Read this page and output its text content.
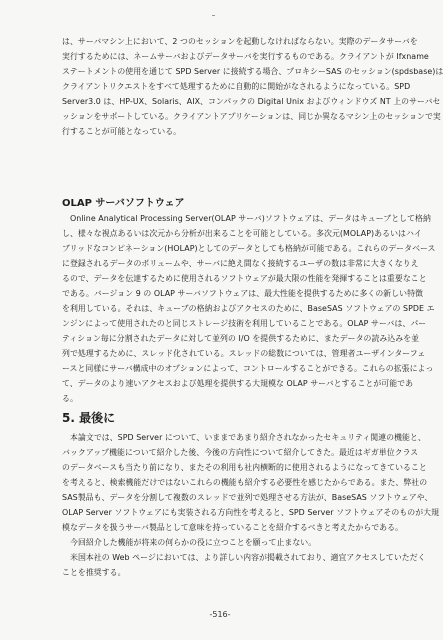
は、サーバマシン上において、2 つのセッションを起動しなければならない。実際のデータサーバを
実行するためには、ネームサーバおよびデータサーバを実行するものである。クライアントが Ifxname
ステートメントの使用を通じて SPD Server に接続する場合、プロキシーSAS のセッション(spdsbase)は
クライアントリクエストをすべて処理するために自動的に開始がなされるようになっている。SPD
Server3.0 は、HP-UX、Solaris、AIX、コンパックの Digital Unix およびウィンドウズ NT 上のサーバセ
ッションをサポートしている。クライアントアプリケーションは、同じか異なるマシン上のセッションで実
行することが可能となっている。
OLAP サーバソフトウェア
Online Analytical Processing Server(OLAP サーバ)ソフトウェアは、データはキューブとして格納
し、様々な視点あるいは次元から分析が出来ることを可能としている。多次元(MOLAP)あるいはハイ
ブリッドなコンピネーション(HOLAP)としてのデータとしても格納が可能である。これらのデータベース
に登録されるデータのボリュームや、サーバに絶え間なく接続するユーザの数は非常に大きくなりえ
るので、データを伝達するために使用されるソフトウェアが最大限の性能を発揮することは重要なこと
である。バージョン 9 の OLAP サーバソフトウェアは、最大性能を提供するために多くの新しい特徴
を利用している。それは、キューブの格納およびアクセスのために、BaseSAS ソフトウェアの SPDE エ
ンジンによって使用されたのと同じストレージ技術を利用していることである。OLAP サーバは、パー
ティション毎に分割されたデータに対して並列の I/O を提供するために、またデータの読み込みを並
列で処理するために、スレッド化されている。スレッドの総数については、管理者ユーザインターフェ
ースと同様にサーバ構成中のオプションによって、コントロールすることができる。これらの拡張によっ
て、データのより速いアクセスおよび処理を提供する大規模な OLAP サーバとすることが可能であ
る。
5. 最後に
本論文では、SPD Server について、いままであまり紹介されなかったセキュリティ関連の機能と、
バックアップ機能について紹介した後、今後の方向性について紹介してきた。最近はギガ単位クラス
のデータベースも当たり前になり、またその利用も社内横断的に使用されるようになってきていること
を考えると、検索機能だけではないこれらの機能も紹介する必要性を感じたからである。また、弊社の
SAS製品も、データを分割して複数のスレッドで並列で処理させる方法が、BaseSAS ソフトウェアや、
OLAP Server ソフトウェアにも実装される方向性を考えると、SPD Server ソフトウェアそのものが大規
模なデータを扱うサーバ製品として意味を持っていることを紹介するべきと考えたからである。
今回紹介した機能が将来の何らかの役に立つことを願って止まない。
米国本社の Web ページにおいては、より詳しい内容が掲載されており、適宜アクセスしていただく
ことを推奨する。
-516-
